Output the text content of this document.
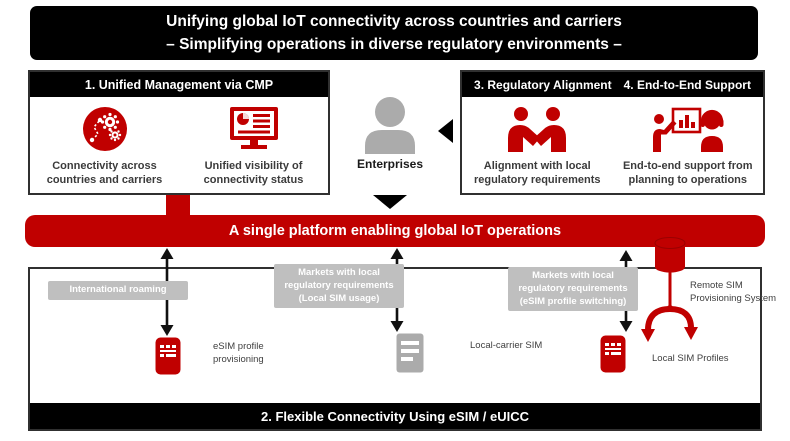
Unifying global IoT connectivity across countries and carriers
– Simplifying operations in diverse regulatory environments –
1. Unified Management via CMP
Connectivity across countries and carriers
Unified visibility of connectivity status
Enterprises
3. Regulatory Alignment 4. End-to-End Support
Alignment with local regulatory requirements
End-to-end support from planning to operations
A single platform enabling global IoT operations
2. Flexible Connectivity Using eSIM / eUICC
International roaming
eSIM profile provisioning
Markets with local regulatory requirements (Local SIM usage)
Local-carrier SIM
Markets with local regulatory requirements (eSIM profile switching)
Remote SIM Provisioning System
Local SIM Profiles
